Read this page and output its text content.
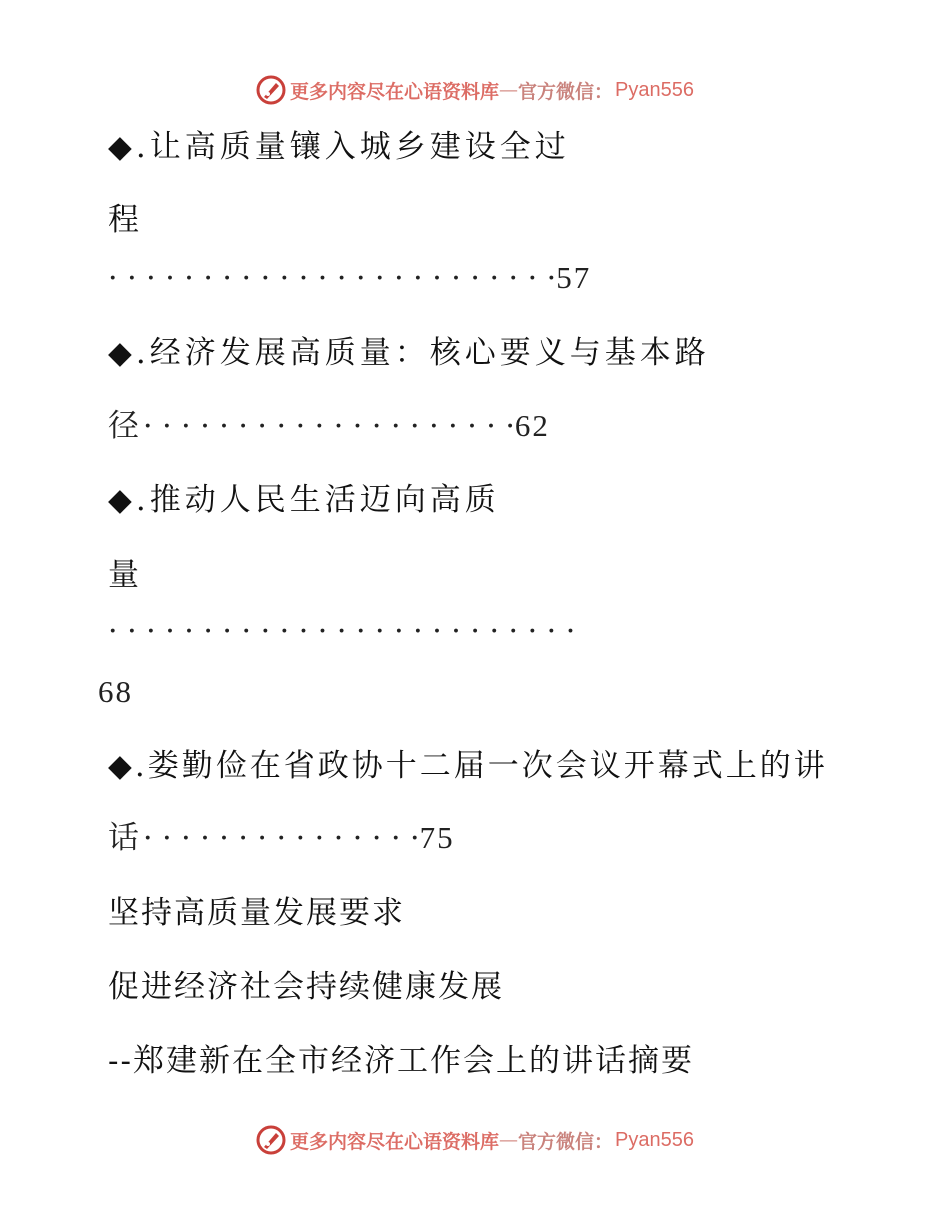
更多内容尽在心语资料库 — 官方微信： Pyan556
◆.让高质量镶入城乡建设全过
程
· · · · · · · · · · · · · · · · · · · · · · · ·57
◆.经济发展高质量：核心要义与基本路
径· · · · · · · · · · · · · · · · · · · ·62
◆.推动人民生活迈向高质
量
· · · · · · · · · · · · · · · · · · · · · · · · ·
68
◆.娄勤俭在省政协十二届一次会议开幕式上的讲
话· · · · · · · · · · · · · · ·75
坚持高质量发展要求
促进经济社会持续健康发展
--郑建新在全市经济工作会上的讲话摘要
更多内容尽在心语资料库 — 官方微信： Pyan556
